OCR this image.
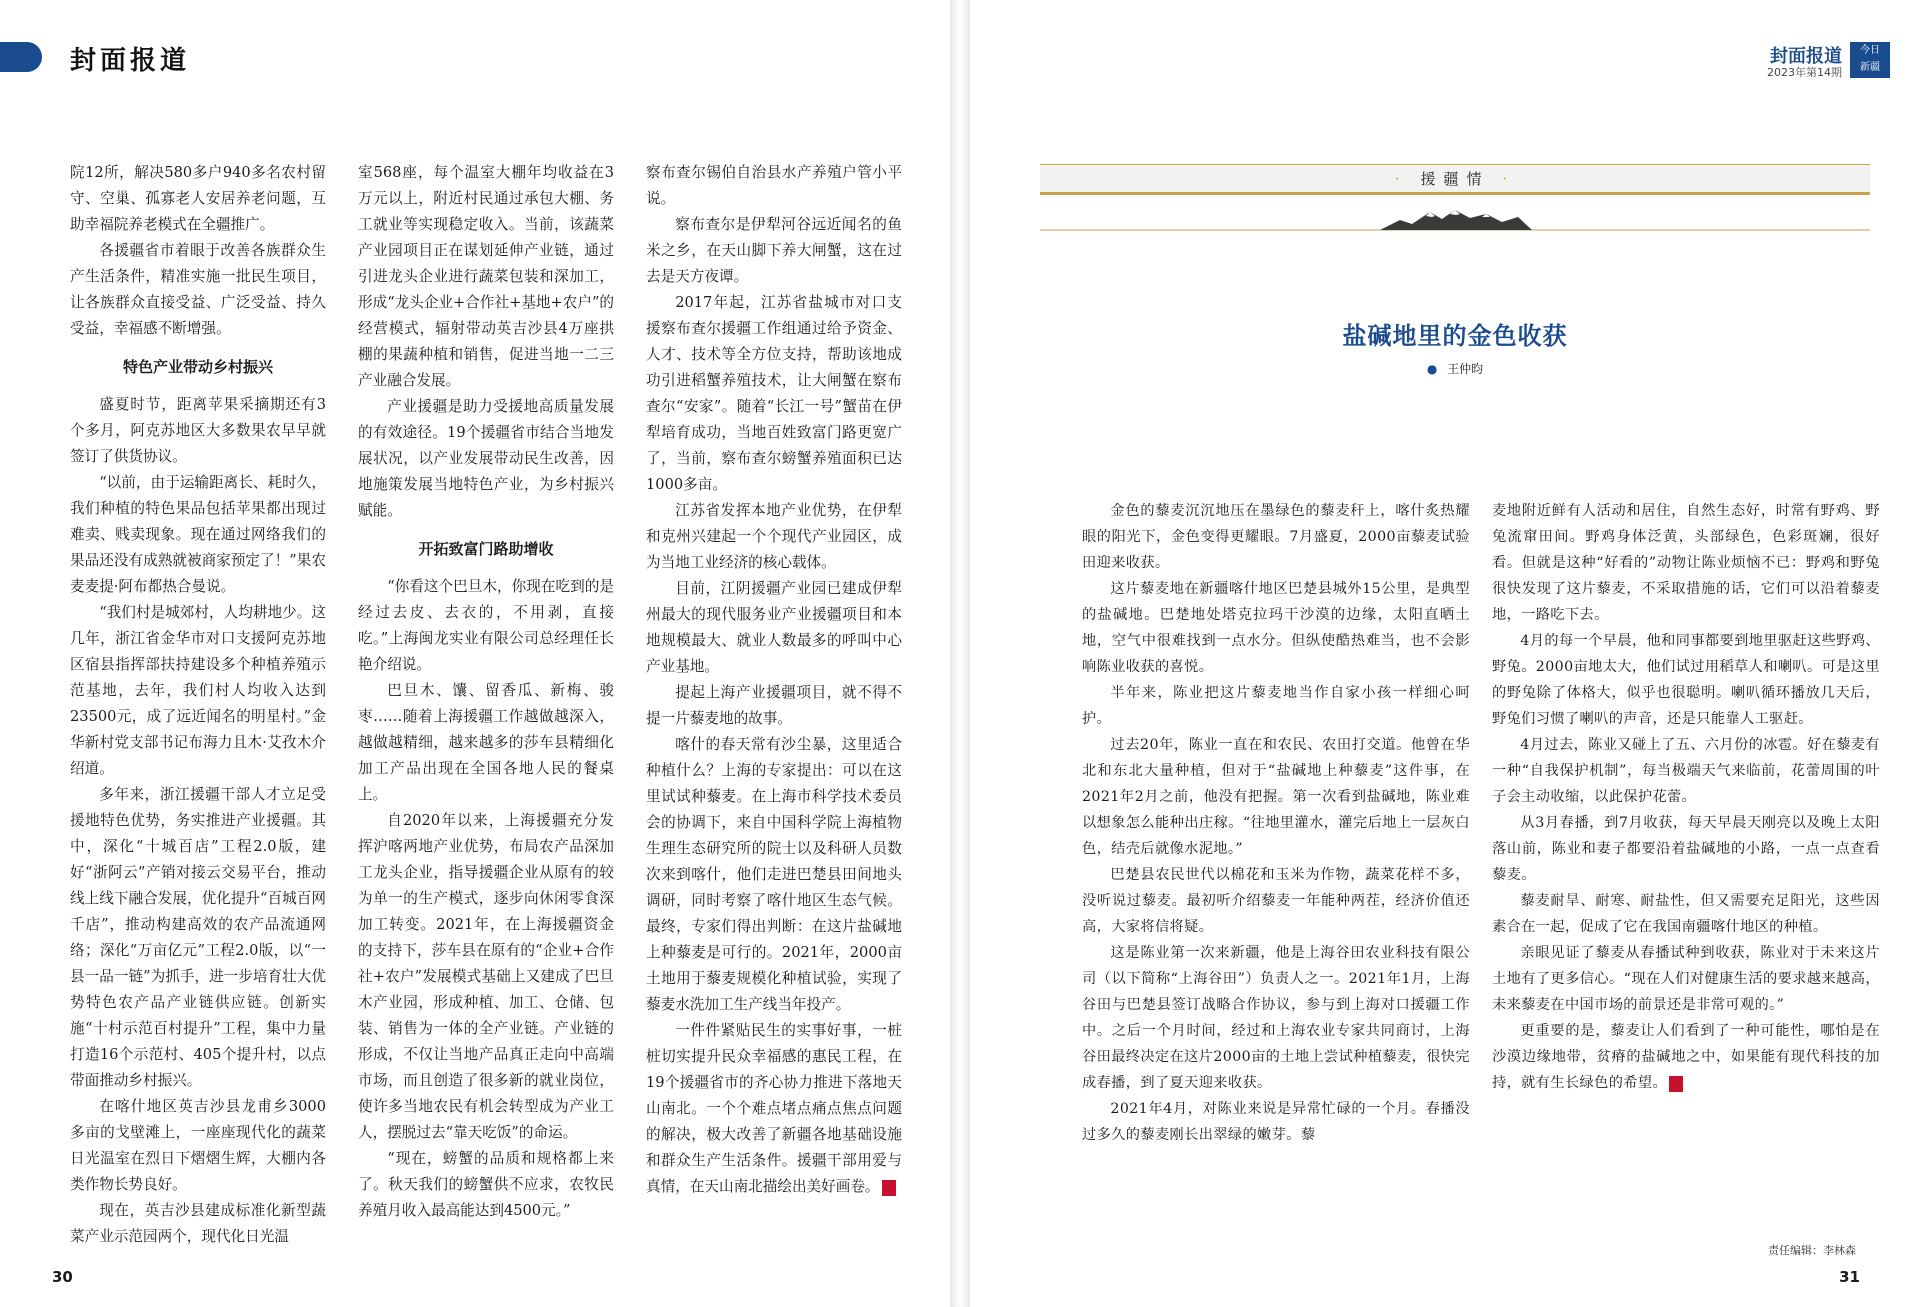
封面报道

院12所，解决580多户940多名农村留守、空巢、孤寡老人安居养老问题，互助幸福院养老模式在全疆推广。

各援疆省市着眼于改善各族群众生产生活条件，精准实施一批民生项目，让各族群众直接受益、广泛受益、持久受益，幸福感不断增强。

特色产业带动乡村振兴

盛夏时节，距离苹果采摘期还有3个多月，阿克苏地区大多数果农早早就签订了供货协议。

“以前，由于运输距离长、耗时久，我们种植的特色果品包括苹果都出现过难卖、贱卖现象。现在通过网络我们的果品还没有成熟就被商家预定了！”果农麦麦提·阿布都热合曼说。

“我们村是城郊村，人均耕地少。这几年，浙江省金华市对口支援阿克苏地区宿县指挥部扶持建设多个种植养殖示范基地，去年，我们村人均收入达到23500元，成了远近闻名的明星村。”金华新村党支部书记布海力且木·艾孜木介绍道。

多年来，浙江援疆干部人才立足受援地特色优势，务实推进产业援疆。其中，深化“十城百店”工程2.0版，建好“浙阿云”产销对接云交易平台，推动线上线下融合发展，优化提升“百城百网千店”，推动构建高效的农产品流通网络；深化“万亩亿元”工程2.0版，以“一县一品一链”为抓手，进一步培育壮大优势特色农产品产业链供应链。创新实施“十村示范百村提升”工程，集中力量打造16个示范村、405个提升村，以点带面推动乡村振兴。

在喀什地区英吉沙县龙甫乡3000多亩的戈壁滩上，一座座现代化的蔬菜日光温室在烈日下熠熠生辉，大棚内各类作物长势良好。

现在，英吉沙县建成标准化新型蔬菜产业示范园两个，现代化日光温

室568座，每个温室大棚年均收益在3万元以上，附近村民通过承包大棚、务工就业等实现稳定收入。当前，该蔬菜产业园项目正在谋划延伸产业链，通过引进龙头企业进行蔬菜包装和深加工，形成“龙头企业+合作社+基地+农户”的经营模式，辐射带动英吉沙县4万座拱棚的果蔬种植和销售，促进当地一二三产业融合发展。

产业援疆是助力受援地高质量发展的有效途径。19个援疆省市结合当地发展状况，以产业发展带动民生改善，因地施策发展当地特色产业，为乡村振兴赋能。

开拓致富门路助增收

“你看这个巴旦木，你现在吃到的是经过去皮、去衣的，不用剥，直接吃。”上海闽龙实业有限公司总经理任长艳介绍说。

巴旦木、馕、留香瓜、新梅、骏枣……随着上海援疆工作越做越深入，越做越精细，越来越多的莎车县精细化加工产品出现在全国各地人民的餐桌上。

自2020年以来，上海援疆充分发挥沪喀两地产业优势，布局农产品深加工龙头企业，指导援疆企业从原有的较为单一的生产模式，逐步向休闲零食深加工转变。2021年，在上海援疆资金的支持下，莎车县在原有的“企业+合作社+农户”发展模式基础上又建成了巴旦木产业园，形成种植、加工、仓储、包装、销售为一体的全产业链。产业链的形成，不仅让当地产品真正走向中高端市场，而且创造了很多新的就业岗位，使许多当地农民有机会转型成为产业工人，摆脱过去“靠天吃饭”的命运。

“现在，螃蟹的品质和规格都上来了。秋天我们的螃蟹供不应求，农牧民养殖月收入最高能达到4500元。”

察布查尔锡伯自治县水产养殖户管小平说。

察布查尔是伊犁河谷远近闻名的鱼米之乡，在天山脚下养大闸蟹，这在过去是天方夜谭。

2017年起，江苏省盐城市对口支援察布查尔援疆工作组通过给予资金、人才、技术等全方位支持，帮助该地成功引进稻蟹养殖技术，让大闸蟹在察布查尔“安家”。随着“长江一号”蟹苗在伊犁培育成功，当地百姓致富门路更宽广了，当前，察布查尔螃蟹养殖面积已达1000多亩。

江苏省发挥本地产业优势，在伊犁和克州兴建起一个个现代产业园区，成为当地工业经济的核心载体。

目前，江阴援疆产业园已建成伊犁州最大的现代服务业产业援疆项目和本地规模最大、就业人数最多的呼叫中心产业基地。

提起上海产业援疆项目，就不得不提一片藜麦地的故事。

喀什的春天常有沙尘暴，这里适合种植什么？上海的专家提出：可以在这里试试种藜麦。在上海市科学技术委员会的协调下，来自中国科学院上海植物生理生态研究所的院士以及科研人员数次来到喀什，他们走进巴楚县田间地头调研，同时考察了喀什地区生态气候。最终，专家们得出判断：在这片盐碱地上种藜麦是可行的。2021年，2000亩土地用于藜麦规模化种植试验，实现了藜麦水洗加工生产线当年投产。

一件件紧贴民生的实事好事，一桩桩切实提升民众幸福感的惠民工程，在19个援疆省市的齐心协力推进下落地天山南北。一个个难点堵点痛点焦点问题的解决，极大改善了新疆各地基础设施和群众生产生活条件。援疆干部用爱与真情，在天山南北描绘出美好画卷。	J

30
封面报道
2023年第14期
今日
新疆
· 援疆情 ·
盐碱地里的金色收获
● 王仲昀

金色的藜麦沉沉地压在墨绿色的藜麦秆上，喀什炙热耀眼的阳光下，金色变得更耀眼。7月盛夏，2000亩藜麦试验田迎来收获。

这片藜麦地在新疆喀什地区巴楚县城外15公里，是典型的盐碱地。巴楚地处塔克拉玛干沙漠的边缘，太阳直晒土地，空气中很难找到一点水分。但纵使酷热难当，也不会影响陈业收获的喜悦。

半年来，陈业把这片藜麦地当作自家小孩一样细心呵护。

过去20年，陈业一直在和农民、农田打交道。他曾在华北和东北大量种植，但对于“盐碱地上种藜麦”这件事，在2021年2月之前，他没有把握。第一次看到盐碱地，陈业难以想象怎么能种出庄稼。“往地里灌水，灌完后地上一层灰白色，结壳后就像水泥地。”

巴楚县农民世代以棉花和玉米为作物，蔬菜花样不多，没听说过藜麦。最初听介绍藜麦一年能种两茬，经济价值还高，大家将信将疑。

这是陈业第一次来新疆，他是上海谷田农业科技有限公司（以下简称“上海谷田”）负责人之一。2021年1月，上海谷田与巴楚县签订战略合作协议，参与到上海对口援疆工作中。之后一个月时间，经过和上海农业专家共同商讨，上海谷田最终决定在这片2000亩的土地上尝试种植藜麦，很快完成春播，到了夏天迎来收获。

2021年4月，对陈业来说是异常忙碌的一个月。春播没过多久的藜麦刚长出翠绿的嫩芽。藜

麦地附近鲜有人活动和居住，自然生态好，时常有野鸡、野兔流窜田间。野鸡身体泛黄，头部绿色，色彩斑斓，很好看。但就是这种“好看的”动物让陈业烦恼不已：野鸡和野兔很快发现了这片藜麦，不采取措施的话，它们可以沿着藜麦地，一路吃下去。

4月的每一个早晨，他和同事都要到地里驱赶这些野鸡、野兔。2000亩地太大，他们试过用稻草人和喇叭。可是这里的野兔除了体格大，似乎也很聪明。喇叭循环播放几天后，野兔们习惯了喇叭的声音，还是只能靠人工驱赶。

4月过去，陈业又碰上了五、六月份的冰雹。好在藜麦有一种“自我保护机制”，每当极端天气来临前，花蕾周围的叶子会主动收缩，以此保护花蕾。

从3月春播，到7月收获，每天早晨天刚亮以及晚上太阳落山前，陈业和妻子都要沿着盐碱地的小路，一点一点查看藜麦。

藜麦耐旱、耐寒、耐盐性，但又需要充足阳光，这些因素合在一起，促成了它在我国南疆喀什地区的种植。

亲眼见证了藜麦从春播试种到收获，陈业对于未来这片土地有了更多信心。“现在人们对健康生活的要求越来越高，未来藜麦在中国市场的前景还是非常可观的。”

更重要的是，藜麦让人们看到了一种可能性，哪怕是在沙漠边缘地带，贫瘠的盐碱地之中，如果能有现代科技的加持，就有生长绿色的希望。	J

责任编辑：李林森
31
